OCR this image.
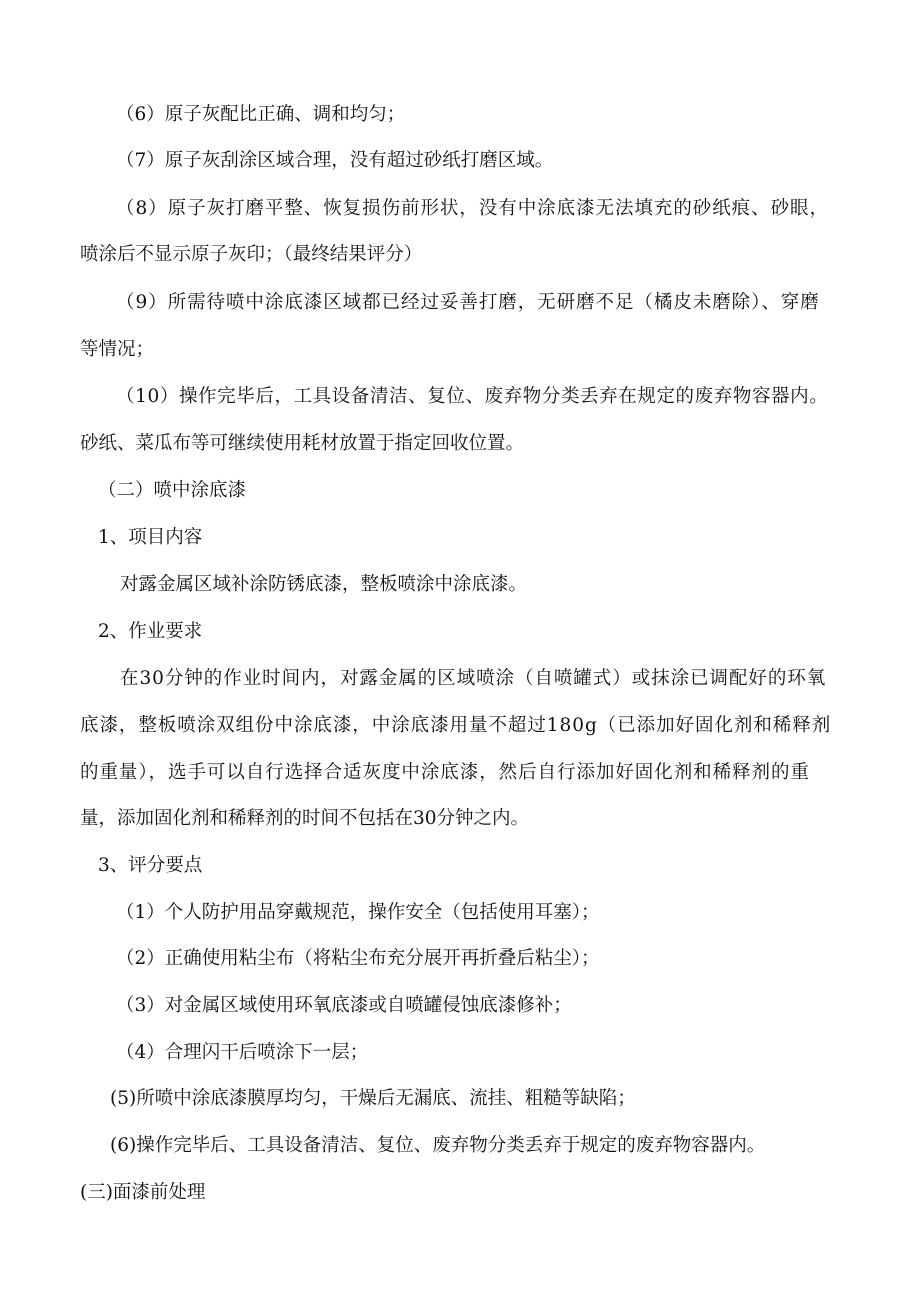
（6）原子灰配比正确、调和均匀；

（7）原子灰刮涂区域合理，没有超过砂纸打磨区域。

（8）原子灰打磨平整、恢复损伤前形状，没有中涂底漆无法填充的砂纸痕、砂眼，

喷涂后不显示原子灰印；（最终结果评分）

（9）所需待喷中涂底漆区域都已经过妥善打磨，无研磨不足（橘皮未磨除）、穿磨

等情况；

（10）操作完毕后，工具设备清洁、复位、废弃物分类丢弃在规定的废弃物容器内。

砂纸、菜瓜布等可继续使用耗材放置于指定回收位置。

（二）喷中涂底漆

1、项目内容

对露金属区域补涂防锈底漆，整板喷涂中涂底漆。

2、作业要求

在30分钟的作业时间内，对露金属的区域喷涂（自喷罐式）或抹涂已调配好的环氧

底漆，整板喷涂双组份中涂底漆，中涂底漆用量不超过180g（已添加好固化剂和稀释剂

的重量），选手可以自行选择合适灰度中涂底漆，然后自行添加好固化剂和稀释剂的重

量，添加固化剂和稀释剂的时间不包括在30分钟之内。

3、评分要点

（1）个人防护用品穿戴规范，操作安全（包括使用耳塞）；

（2）正确使用粘尘布（将粘尘布充分展开再折叠后粘尘）；

（3）对金属区域使用环氧底漆或自喷罐侵蚀底漆修补；

（4）合理闪干后喷涂下一层；

(5)所喷中涂底漆膜厚均匀，干燥后无漏底、流挂、粗糙等缺陷；

(6)操作完毕后、工具设备清洁、复位、废弃物分类丢弃于规定的废弃物容器内。

(三)面漆前处理
